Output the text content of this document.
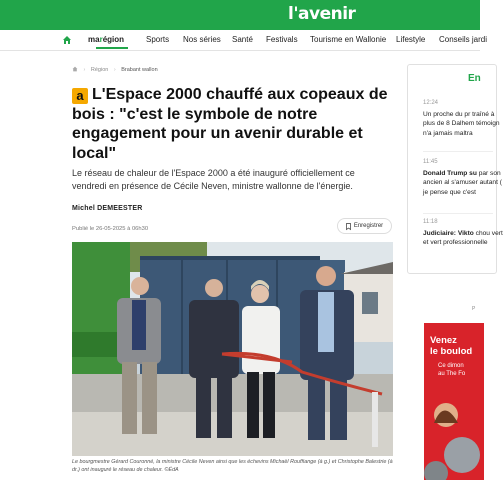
l'avenir
marégion	Sports Nos séries Santé Festivals Tourisme en Wallonie Lifestyle Conseils jardi
› Région › Brabant wallon
a L'Espace 2000 chauffé aux copeaux de bois : "c'est le symbole de notre engagement pour un avenir durable et local"

Le réseau de chaleur de l'Espace 2000 a été inauguré officiellement ce vendredi en présence de Cécile Neven, ministre wallonne de l'énergie.

Michel DEMEESTER
Publié le 26-05-2025 à 06h30	Enregistrer
Le bourgmestre Gérard Couronné, la ministre Cécile Neven ainsi que les échevins Michaël Rouffiange (à g.) et Christophe Balestrie (à dr.) ont inauguré le réseau de chaleur. ©ÉdA
En
12:24
Un proche du pr traîné à plus de 8 Dalhem témoign n'a jamais maltra
11:45
Donald Trump su par son ancien al s'amuser autant ( je pense que c'est
11:18
Judiciaire: Vikto chou vert et vert professionnelle
P
Venez
le boulod
Ce dimon
au The Fo
